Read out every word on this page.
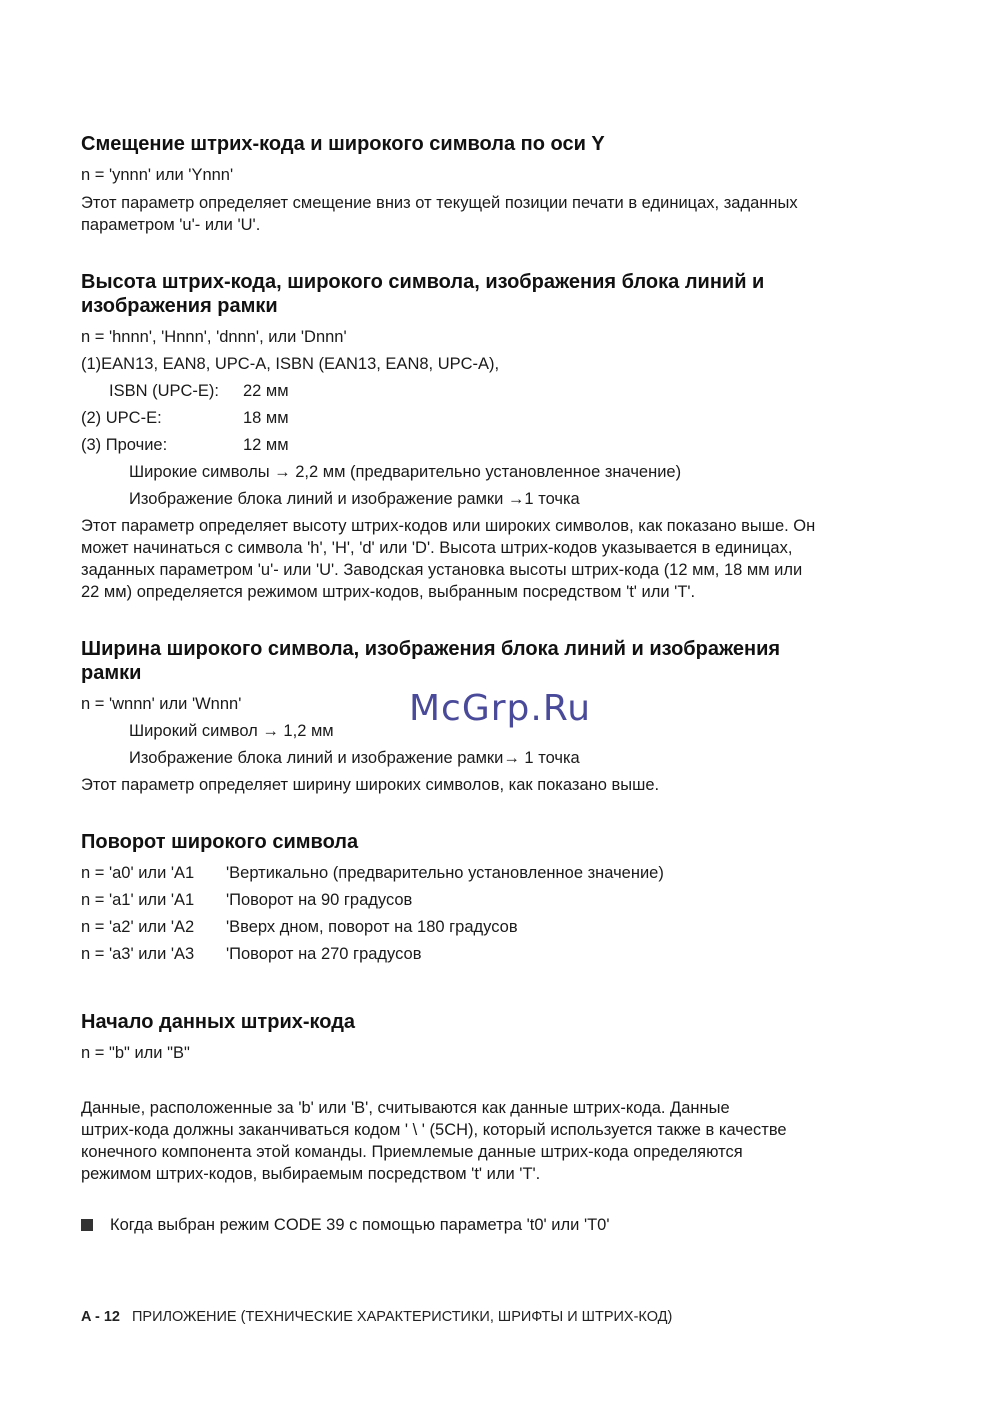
Смещение штрих-кода и широкого символа по оси Y
n = 'ynnn' или 'Ynnn'
Этот параметр определяет смещение вниз от текущей позиции печати в единицах, заданных
параметром 'u'- или 'U'.
Высота штрих-кода, широкого символа, изображения блока линий и
изображения рамки
n = 'hnnn', 'Hnnn', 'dnnn', или 'Dnnn'
(1)EAN13, EAN8, UPC-A, ISBN (EAN13, EAN8, UPC-A),
ISBN (UPC-E): 22 мм
(2) UPC-E:	18 мм
(3) Прочие:	12 мм
Широкие символы → 2,2 мм (предварительно установленное значение)
Изображение блока линий и изображение рамки →1 точка
Этот параметр определяет высоту штрих-кодов или широких символов, как показано выше. Он
может начинаться с символа 'h', 'H', 'd' или 'D'. Высота штрих-кодов указывается в единицах,
заданных параметром 'u'- или 'U'. Заводская установка высоты штрих-кода (12 мм, 18 мм или
22 мм) определяется режимом штрих-кодов, выбранным посредством 't' или 'T'.
Ширина широкого символа, изображения блока линий и изображения
рамки
n = 'wnnn' или 'Wnnn'
Широкий символ → 1,2 мм
Изображение блока линий и изображение рамки→ 1 точка
Этот параметр определяет ширину широких символов, как показано выше.
Поворот широкого символа
n = 'a0' или 'A1 'Вертикально (предварительно установленное значение)
n = 'a1' или 'A1 'Поворот на 90 градусов
n = 'a2' или 'A2 'Вверх дном, поворот на 180 градусов
n = 'a3' или 'A3 'Поворот на 270 градусов
Начало данных штрих-кода
n = "b" или "B"
Данные, расположенные за 'b' или 'B', считываются как данные штрих-кода. Данные
штрих-кода должны заканчиваться кодом ' \ ' (5CH), который используется также в качестве
конечного компонента этой команды. Приемлемые данные штрих-кода определяются
режимом штрих-кодов, выбираемым посредством 't' или 'T'.
Когда выбран режим CODE 39 с помощью параметра 't0' или 'T0'
McGrp.Ru
A - 12 ПРИЛОЖЕНИЕ (ТЕХНИЧЕСКИЕ ХАРАКТЕРИСТИКИ, ШРИФТЫ И ШТРИХ-КОД)
